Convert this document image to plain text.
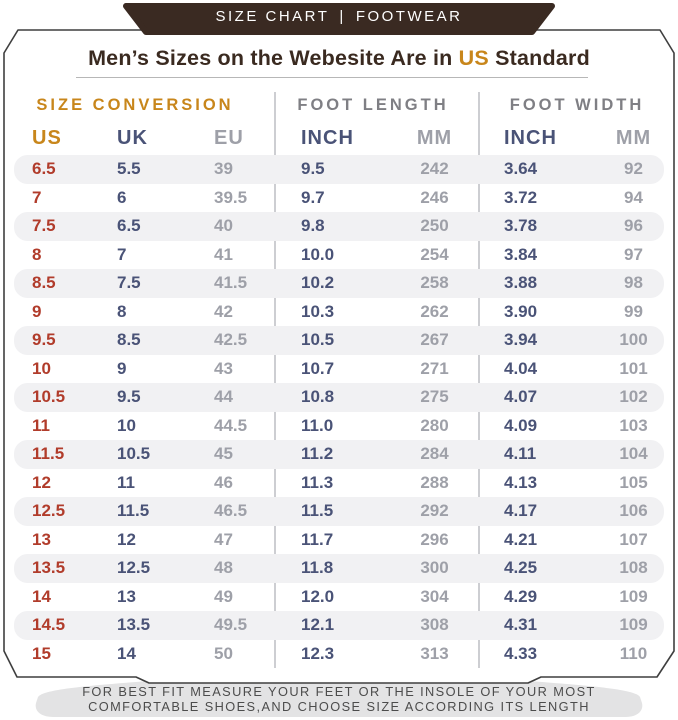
SIZE CHART | FOOTWEAR
Men’s Sizes on the Webesite Are in US Standard
SIZE CONVERSION	FOOT LENGTH	FOOT WIDTH
US	UK	EU	INCH	MM	INCH	MM
6.5	5.5	39	9.5	242	3.64	92
7	6	39.5	9.7	246	3.72	94
7.5	6.5	40	9.8	250	3.78	96
8	7	41	10.0	254	3.84	97
8.5	7.5	41.5	10.2	258	3.88	98
9	8	42	10.3	262	3.90	99
9.5	8.5	42.5	10.5	267	3.94	100
10	9	43	10.7	271	4.04	101
10.5	9.5	44	10.8	275	4.07	102
11	10	44.5	11.0	280	4.09	103
11.5	10.5	45	11.2	284	4.11	104
12	11	46	11.3	288	4.13	105
12.5	11.5	46.5	11.5	292	4.17	106
13	12	47	11.7	296	4.21	107
13.5	12.5	48	11.8	300	4.25	108
14	13	49	12.0	304	4.29	109
14.5	13.5	49.5	12.1	308	4.31	109
15	14	50	12.3	313	4.33	110
FOR BEST FIT MEASURE YOUR FEET OR THE INSOLE OF YOUR MOST
COMFORTABLE SHOES,AND CHOOSE SIZE ACCORDING ITS LENGTH
